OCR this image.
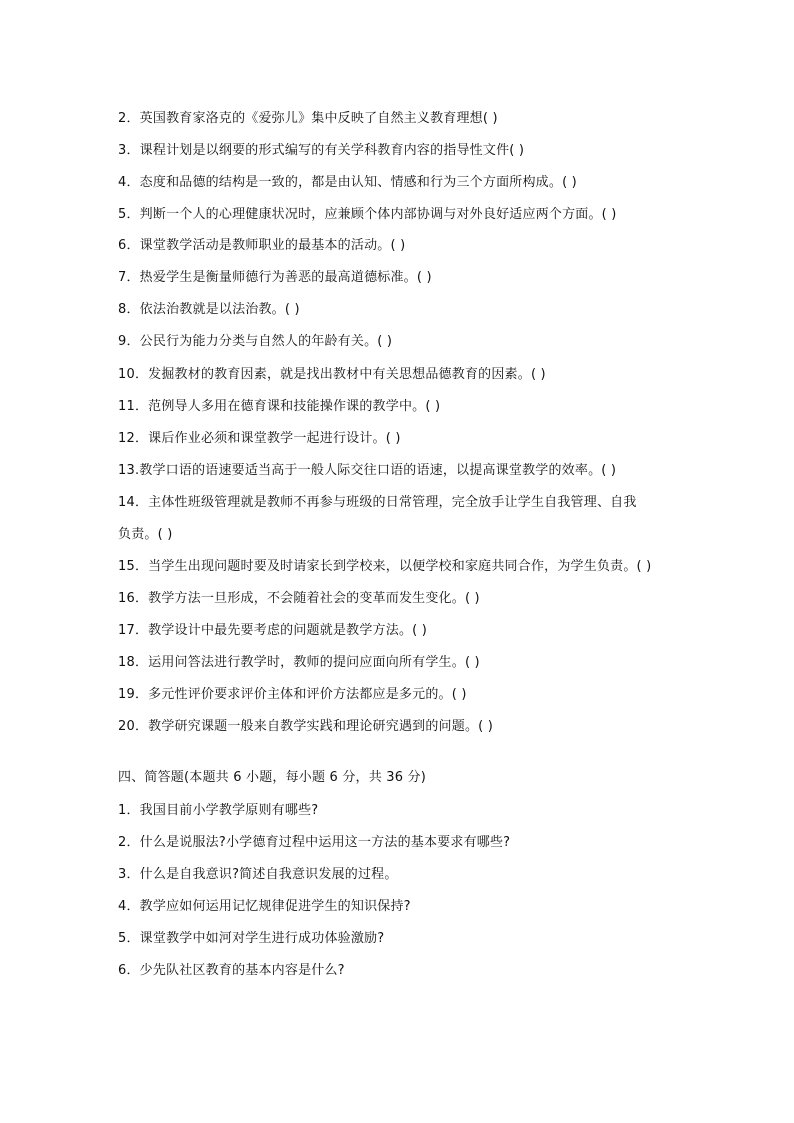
2．英国教育家洛克的《爱弥儿》集中反映了自然主义教育理想( )
3．课程计划是以纲要的形式编写的有关学科教育内容的指导性文件( )
4．态度和品德的结构是一致的，都是由认知、情感和行为三个方面所构成。( )
5．判断一个人的心理健康状况时，应兼顾个体内部协调与对外良好适应两个方面。( )
6．课堂教学活动是教师职业的最基本的活动。( )
7．热爱学生是衡量师德行为善恶的最高道德标准。( )
8．依法治教就是以法治教。( )
9．公民行为能力分类与自然人的年龄有关。( )
10．发掘教材的教育因素，就是找出教材中有关思想品德教育的因素。( )
11．范例导人多用在德育课和技能操作课的教学中。( )
12．课后作业必须和课堂教学一起进行设计。( )
13.教学口语的语速要适当高于一般人际交往口语的语速，以提高课堂教学的效率。( )
14．主体性班级管理就是教师不再参与班级的日常管理，完全放手让学生自我管理、自我
负责。( )
15．当学生出现问题时要及时请家长到学校来，以便学校和家庭共同合作，为学生负责。( )
16．教学方法一旦形成，不会随着社会的变革而发生变化。( )
17．教学设计中最先要考虑的问题就是教学方法。( )
18．运用问答法进行教学时，教师的提问应面向所有学生。( )
19．多元性评价要求评价主体和评价方法都应是多元的。( )
20．教学研究课题一般来自教学实践和理论研究遇到的问题。( )
四、简答题(本题共 6 小题，每小题 6 分，共 36 分)
1．我国目前小学教学原则有哪些?
2．什么是说服法?小学德育过程中运用这一方法的基本要求有哪些?
3．什么是自我意识?简述自我意识发展的过程。
4．教学应如何运用记忆规律促进学生的知识保持?
5．课堂教学中如河对学生进行成功体验激励?
6．少先队社区教育的基本内容是什么?
